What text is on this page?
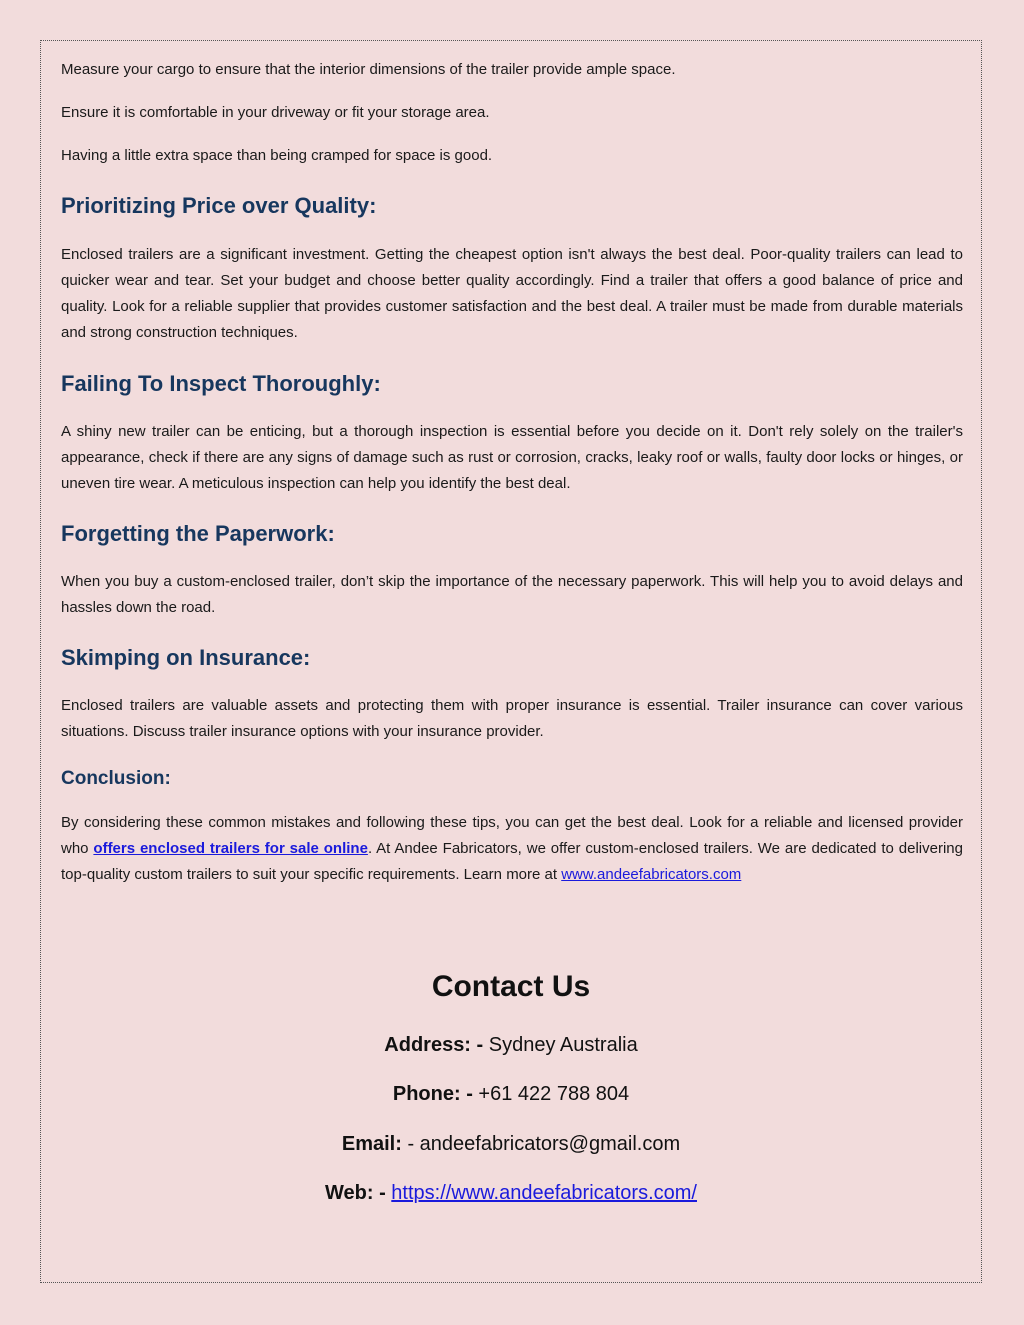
Measure your cargo to ensure that the interior dimensions of the trailer provide ample space.

Ensure it is comfortable in your driveway or fit your storage area.

Having a little extra space than being cramped for space is good.

Prioritizing Price over Quality:

Enclosed trailers are a significant investment. Getting the cheapest option isn't always the best deal. Poor-quality trailers can lead to quicker wear and tear. Set your budget and choose better quality accordingly. Find a trailer that offers a good balance of price and quality. Look for a reliable supplier that provides customer satisfaction and the best deal. A trailer must be made from durable materials and strong construction techniques.

Failing To Inspect Thoroughly:

A shiny new trailer can be enticing, but a thorough inspection is essential before you decide on it. Don't rely solely on the trailer's appearance, check if there are any signs of damage such as rust or corrosion, cracks, leaky roof or walls, faulty door locks or hinges, or uneven tire wear. A meticulous inspection can help you identify the best deal.

Forgetting the Paperwork:

When you buy a custom-enclosed trailer, don’t skip the importance of the necessary paperwork. This will help you to avoid delays and hassles down the road.

Skimping on Insurance:

Enclosed trailers are valuable assets and protecting them with proper insurance is essential. Trailer insurance can cover various situations. Discuss trailer insurance options with your insurance provider.

Conclusion:

By considering these common mistakes and following these tips, you can get the best deal. Look for a reliable and licensed provider who offers enclosed trailers for sale online. At Andee Fabricators, we offer custom-enclosed trailers. We are dedicated to delivering top-quality custom trailers to suit your specific requirements. Learn more at www.andeefabricators.com

Contact Us
Address: - Sydney Australia
Phone: - +61 422 788 804
Email: - andeefabricators@gmail.com
Web: - https://www.andeefabricators.com/
